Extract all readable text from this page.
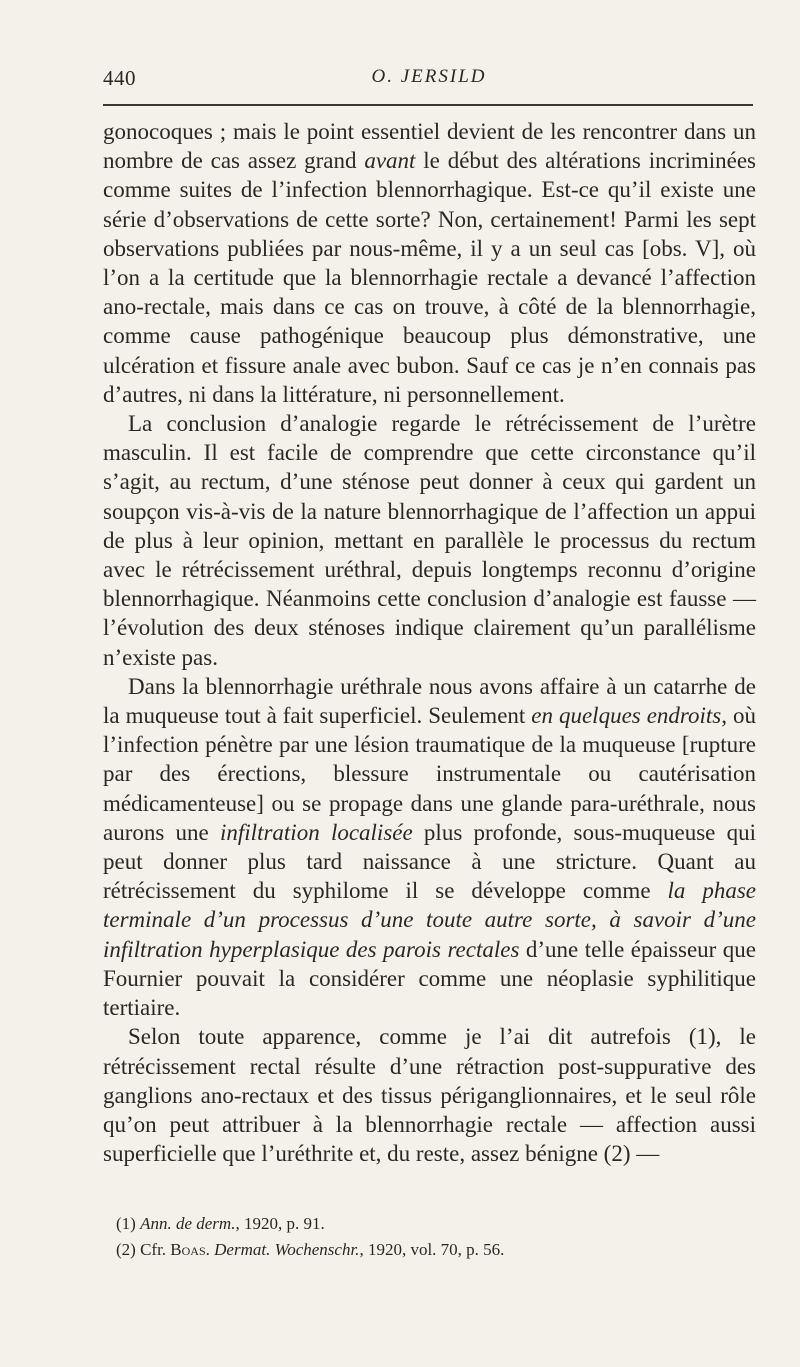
440	O. JERSILD

gonocoques ; mais le point essentiel devient de les rencontrer dans un nombre de cas assez grand avant le début des altérations incriminées comme suites de l’infection blennorrhagique. Est-ce qu’il existe une série d’observations de cette sorte? Non, certainement! Parmi les sept observations publiées par nous-même, il y a un seul cas [obs. V], où l’on a la certitude que la blennorrhagie rectale a devancé l’affection ano-rectale, mais dans ce cas on trouve, à côté de la blennorrhagie, comme cause pathogénique beaucoup plus démonstrative, une ulcération et fissure anale avec bubon. Sauf ce cas je n’en connais pas d’autres, ni dans la littérature, ni personnellement.

La conclusion d’analogie regarde le rétrécissement de l’urètre masculin. Il est facile de comprendre que cette circonstance qu’il s’agit, au rectum, d’une sténose peut donner à ceux qui gardent un soupçon vis-à-vis de la nature blennorrhagique de l’affection un appui de plus à leur opinion, mettant en parallèle le processus du rectum avec le rétrécissement uréthral, depuis longtemps reconnu d’origine blennorrhagique. Néanmoins cette conclusion d’analogie est fausse — l’évolution des deux sténoses indique clairement qu’un parallélisme n’existe pas.

Dans la blennorrhagie uréthrale nous avons affaire à un catarrhe de la muqueuse tout à fait superficiel. Seulement en quelques endroits, où l’infection pénètre par une lésion traumatique de la muqueuse [rupture par des érections, blessure instrumentale ou cautérisation médicamenteuse] ou se propage dans une glande para-uréthrale, nous aurons une infiltration localisée plus profonde, sous-muqueuse qui peut donner plus tard naissance à une stricture. Quant au rétrécissement du syphilome il se développe comme la phase terminale d’un processus d’une toute autre sorte, à savoir d’une infiltration hyperplasique des parois rectales d’une telle épaisseur que Fournier pouvait la considérer comme une néoplasie syphilitique tertiaire.

Selon toute apparence, comme je l’ai dit autrefois (1), le rétrécissement rectal résulte d’une rétraction post-suppurative des ganglions ano-rectaux et des tissus périganglionnaires, et le seul rôle qu’on peut attribuer à la blennorrhagie rectale — affection aussi superficielle que l’uréthrite et, du reste, assez bénigne (2) —

(1) Ann. de derm., 1920, p. 91.

(2) Cfr. Boas. Dermat. Wochenschr., 1920, vol. 70, p. 56.
